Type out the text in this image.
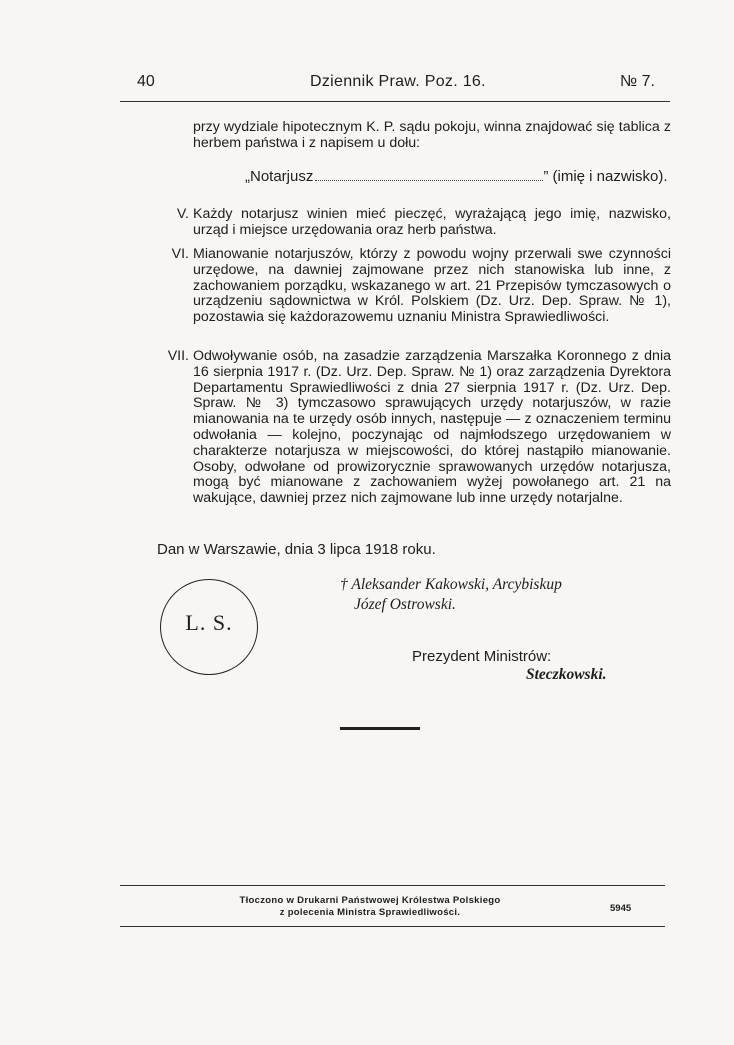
40	Dziennik Praw. Poz. 16.	№ 7.
przy wydziale hipotecznym K. P. sądu pokoju, winna znajdować się tablica z herbem państwa i z napisem u dołu:
„Notarjusz	” (imię i nazwisko).
V. Każdy notarjusz winien mieć pieczęć, wyrażającą jego imię, nazwisko, urząd i miejsce urzędowania oraz herb państwa.
VI. Mianowanie notarjuszów, którzy z powodu wojny przerwali swe czynności urzędowe, na dawniej zajmowane przez nich stanowiska lub inne, z zachowaniem porządku, wskazanego w art. 21 Przepisów tymczasowych o urządzeniu sądownictwa w Król. Polskiem (Dz. Urz. Dep. Spraw. № 1), pozostawia się każdorazowemu uznaniu Ministra Sprawiedliwości.
VII. Odwoływanie osób, na zasadzie zarządzenia Marszałka Koronnego z dnia 16 sierpnia 1917 r. (Dz. Urz. Dep. Spraw. № 1) oraz zarządzenia Dyrektora Departamentu Sprawiedliwości z dnia 27 sierpnia 1917 r. (Dz. Urz. Dep. Spraw. № 3) tymczasowo sprawujących urzędy notarjuszów, w razie mianowania na te urzędy osób innych, następuje — z oznaczeniem terminu odwołania — kolejno, poczynając od najmłodszego urzędowaniem w charakterze notarjusza w miejscowości, do której nastąpiło mianowanie. Osoby, odwołane od prowizorycznie sprawowanych urzędów notarjusza, mogą być mianowane z zachowaniem wyżej powołanego art. 21 na wakujące, dawniej przez nich zajmowane lub inne urzędy notarjalne.
Dan w Warszawie, dnia 3 lipca 1918 roku.
L. S.
† Aleksander Kakowski, Arcybiskup
Józef Ostrowski.
Prezydent Ministrów:
Steczkowski.
Tłoczono w Drukarni Państwowej Królestwa Polskiego
z polecenia Ministra Sprawiedliwości.	5945
